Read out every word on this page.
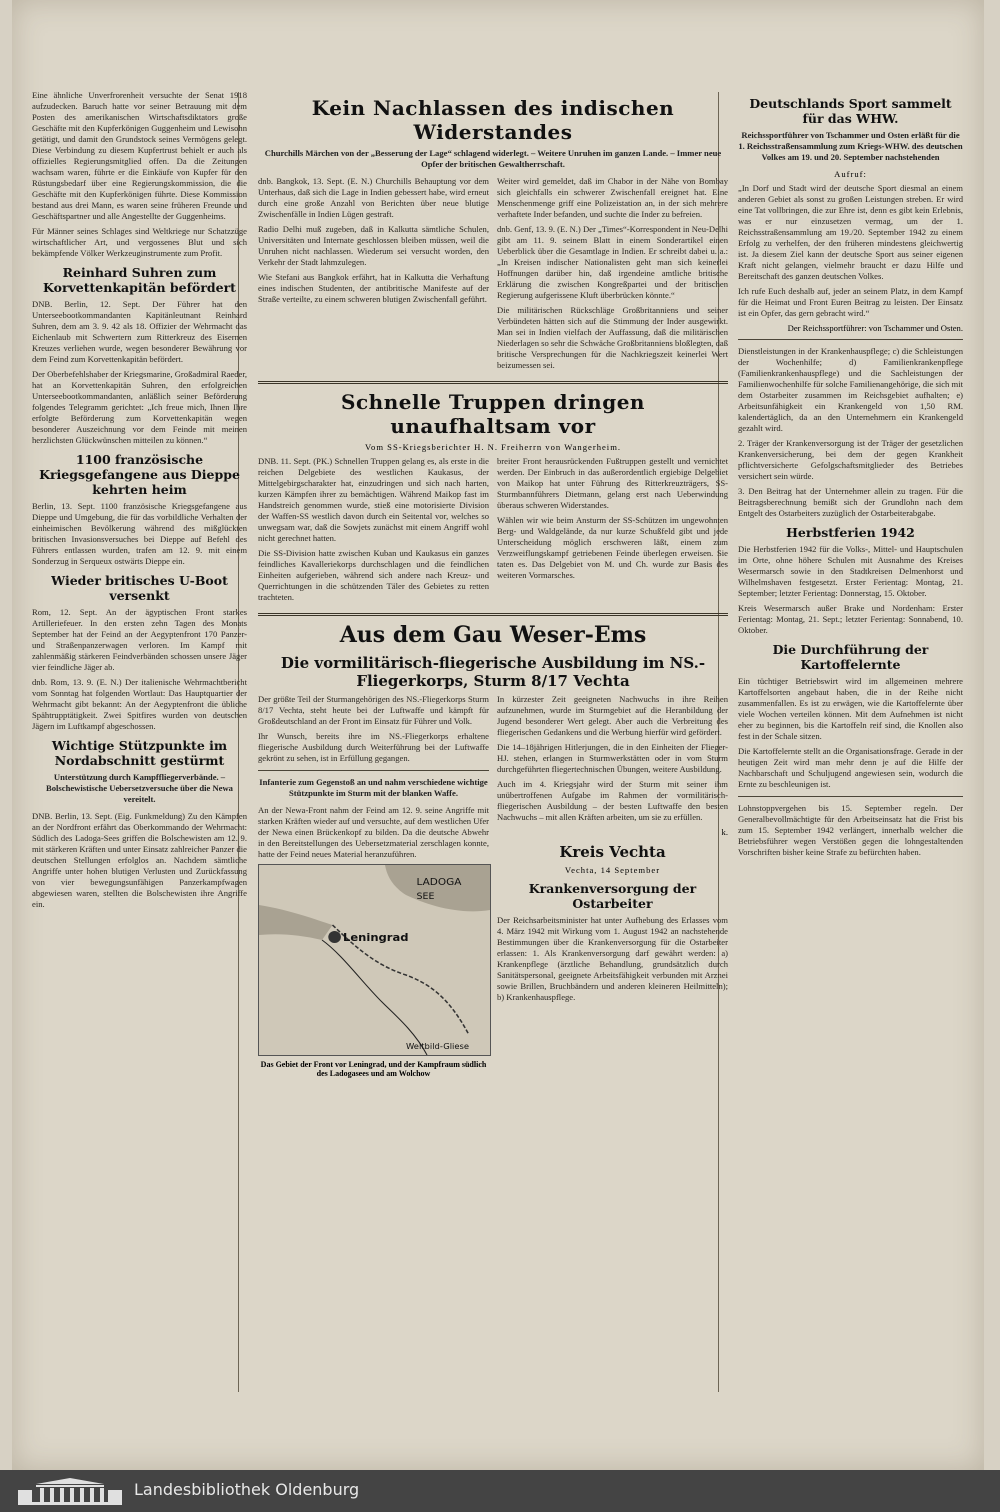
Eine ähnliche Unverfrorenheit versuchte der Senat 1918 aufzudecken. Baruch hatte vor seiner Betrauung mit dem Posten des amerikanischen Wirtschaftsdiktators große Geschäfte mit den Kupferkönigen Guggenheim und Lewisohn getätigt, und damit den Grundstock seines Vermögens gelegt. Diese Verbindung zu diesem Kupfertrust behielt er auch als offizielles Regierungsmitglied offen. Da die Zeitungen wachsam waren, führte er die Einkäufe von Kupfer für den Rüstungsbedarf über eine Regierungskommission, die die Geschäfte mit den Kupferkönigen führte. Diese Kommission bestand aus drei Mann, es waren seine früheren Freunde und Geschäftspartner und alle Angestellte der Guggenheims.

Für Männer seines Schlages sind Weltkriege nur Schatzzüge wirtschaftlicher Art, und vergossenes Blut und sich bekämpfende Völker Werkzeuginstrumente zum Profit.

Reinhard Suhren zum Korvettenkapitän befördert

DNB. Berlin, 12. Sept. Der Führer hat den Unterseebootkommandanten Kapitänleutnant Reinhard Suhren, dem am 3. 9. 42 als 18. Offizier der Wehrmacht das Eichenlaub mit Schwertern zum Ritterkreuz des Eisernen Kreuzes verliehen wurde, wegen besonderer Bewährung vor dem Feind zum Korvettenkapitän befördert.

Der Oberbefehlshaber der Kriegsmarine, Großadmiral Raeder, hat an Korvettenkapitän Suhren, den erfolgreichen Unterseebootkommandanten, anläßlich seiner Beförderung folgendes Telegramm gerichtet: „Ich freue mich, Ihnen Ihre erfolgte Beförderung zum Korvettenkapitän wegen besonderer Auszeichnung vor dem Feinde mit meinen herzlichsten Glückwünschen mitteilen zu können.“

1100 französische Kriegsgefangene aus Dieppe kehrten heim

Berlin, 13. Sept. 1100 französische Kriegsgefangene aus Dieppe und Umgebung, die für das vorbildliche Verhalten der einheimischen Bevölkerung während des mißglückten britischen Invasionsversuches bei Dieppe auf Befehl des Führers entlassen wurden, trafen am 12. 9. mit einem Sonderzug in Serqueux ostwärts Dieppe ein.

Wieder britisches U-Boot versenkt

Rom, 12. Sept. An der ägyptischen Front starkes Artilleriefeuer. In den ersten zehn Tagen des Monats September hat der Feind an der Aegyptenfront 170 Panzer- und Straßenpanzerwagen verloren. Im Kampf mit zahlenmäßig stärkeren Feindverbänden schossen unsere Jäger vier feindliche Jäger ab.

dnb. Rom, 13. 9. (E. N.) Der italienische Wehrmachtbericht vom Sonntag hat folgenden Wortlaut: Das Hauptquartier der Wehrmacht gibt bekannt: An der Aegyptenfront die übliche Spähtrupptätigkeit. Zwei Spitfires wurden von deutschen Jägern im Luftkampf abgeschossen.

Wichtige Stützpunkte im Nordabschnitt gestürmt
Unterstützung durch Kampffliegerverbände. – Bolschewistische Uebersetzversuche über die Newa vereitelt.

DNB. Berlin, 13. Sept. (Eig. Funkmeldung) Zu den Kämpfen an der Nordfront erfährt das Oberkommando der Wehrmacht: Südlich des Ladoga-Sees griffen die Bolschewisten am 12. 9. mit stärkeren Kräften und unter Einsatz zahlreicher Panzer die deutschen Stellungen erfolglos an. Nachdem sämtliche Angriffe unter hohen blutigen Verlusten und Zurückfassung von vier bewegungsunfähigen Panzerkampfwagen abgewiesen waren, stellten die Bolschewisten ihre Angriffe ein.

Kein Nachlassen des indischen Widerstandes
Churchills Märchen von der „Besserung der Lage“ schlagend widerlegt. – Weitere Unruhen im ganzen Lande. – Immer neue Opfer der britischen Gewaltherrschaft.

dnb. Bangkok, 13. Sept. (E. N.) Churchills Behauptung vor dem Unterhaus, daß sich die Lage in Indien gebessert habe, wird erneut durch eine große Anzahl von Berichten über neue blutige Zwischenfälle in Indien Lügen gestraft.

Radio Delhi muß zugeben, daß in Kalkutta sämtliche Schulen, Universitäten und Internate geschlossen bleiben müssen, weil die Unruhen nicht nachlassen. Wiederum sei versucht worden, den Verkehr der Stadt lahmzulegen.

Wie Stefani aus Bangkok erfährt, hat in Kalkutta die Verhaftung eines indischen Studenten, der antibritische Manifeste auf der Straße verteilte, zu einem schweren blutigen Zwischenfall geführt.

Weiter wird gemeldet, daß im Chabor in der Nähe von Bombay sich gleichfalls ein schwerer Zwischenfall ereignet hat. Eine Menschenmenge griff eine Polizeistation an, in der sich mehrere verhaftete Inder befanden, und suchte die Inder zu befreien.

dnb. Genf, 13. 9. (E. N.) Der „Times“-Korrespondent in Neu-Delhi gibt am 11. 9. seinem Blatt in einem Sonderartikel einen Ueberblick über die Gesamtlage in Indien. Er schreibt dabei u. a.: „In Kreisen indischer Nationalisten geht man sich keinerlei Hoffnungen darüber hin, daß irgendeine amtliche britische Erklärung die zwischen Kongreßpartei und der britischen Regierung aufgerissene Kluft überbrücken könnte.“

Die militärischen Rückschläge Großbritanniens und seiner Verbündeten hätten sich auf die Stimmung der Inder ausgewirkt. Man sei in Indien vielfach der Auffassung, daß die militärischen Niederlagen so sehr die Schwäche Großbritanniens bloßlegten, daß britische Versprechungen für die Nachkriegszeit keinerlei Wert beizumessen sei.

Schnelle Truppen dringen unaufhaltsam vor
Vom SS-Kriegsberichter H. N. Freiherrn von Wangerheim.

DNB. 11. Sept. (PK.) Schnellen Truppen gelang es, als erste in die reichen Delgebiete des westlichen Kaukasus, der Mittelgebirgscharakter hat, einzudringen und sich nach harten, kurzen Kämpfen ihrer zu bemächtigen. Während Maikop fast im Handstreich genommen wurde, stieß eine motorisierte Division der Waffen-SS westlich davon durch ein Seitental vor, welches so unwegsam war, daß die Sowjets zunächst mit einem Angriff wohl nicht gerechnet hatten.

Die SS-Division hatte zwischen Kuban und Kaukasus ein ganzes feindliches Kavalleriekorps durchschlagen und die feindlichen Einheiten aufgerieben, während sich andere nach Kreuz- und Querrichtungen in die schützenden Täler des Gebietes zu retten trachteten.

breiter Front herausrückenden Fußtruppen gestellt und vernichtet werden. Der Einbruch in das außerordentlich ergiebige Delgebiet von Maikop hat unter Führung des Ritterkreuzträgers, SS-Sturmbannführers Dietmann, gelang erst nach Ueberwindung überaus schweren Widerstandes.

Wählen wir wie beim Ansturm der SS-Schützen im ungewohnten Berg- und Waldgelände, da nur kurze Schußfeld gibt und jede Unterscheidung möglich erschweren läßt, einem zum Verzweiflungskampf getriebenen Feinde überlegen erweisen. Sie taten es. Das Delgebiet von M. und Ch. wurde zur Basis des weiteren Vormarsches.

Aus dem Gau Weser-Ems
Die vormilitärisch-fliegerische Ausbildung im NS.-Fliegerkorps, Sturm 8/17 Vechta

Der größte Teil der Sturmangehörigen des NS.-Fliegerkorps Sturm 8/17 Vechta, steht heute bei der Luftwaffe und kämpft für Großdeutschland an der Front im Einsatz für Führer und Volk.

Ihr Wunsch, bereits ihre im NS.-Fliegerkorps erhaltene fliegerische Ausbildung durch Weiterführung bei der Luftwaffe gekrönt zu sehen, ist in Erfüllung gegangen.

Infanterie zum Gegenstoß an und nahm verschiedene wichtige Stützpunkte im Sturm mit der blanken Waffe.

An der Newa-Front nahm der Feind am 12. 9. seine Angriffe mit starken Kräften wieder auf und versuchte, auf dem westlichen Ufer der Newa einen Brückenkopf zu bilden. Da die deutsche Abwehr in den Bereitstellungen des Uebersetzmaterial zerschlagen konnte, hatte der Feind neues Material heranzuführen.

LADOGA
SEE
Leningrad
Weltbild-Gliese
Das Gebiet der Front vor Leningrad, und der Kampfraum südlich des Ladogasees und am Wolchow

In kürzester Zeit geeigneten Nachwuchs in ihre Reihen aufzunehmen, wurde im Sturmgebiet auf die Heranbildung der Jugend besonderer Wert gelegt. Aber auch die Verbreitung des fliegerischen Gedankens und die Werbung hierfür wird gefördert.

Die 14–18jährigen Hitlerjungen, die in den Einheiten der Flieger-HJ. stehen, erlangen in Sturmwerkstätten oder in vom Sturm durchgeführten fliegertechnischen Übungen, weitere Ausbildung.

Auch im 4. Kriegsjahr wird der Sturm mit seiner ihm unübertroffenen Aufgabe im Rahmen der vormilitärisch-fliegerischen Ausbildung – der besten Luftwaffe den besten Nachwuchs – mit allen Kräften arbeiten, um sie zu erfüllen.

k.
Kreis Vechta
Vechta, 14 September
Krankenversorgung der Ostarbeiter

Der Reichsarbeitsminister hat unter Aufhebung des Erlasses vom 4. März 1942 mit Wirkung vom 1. August 1942 an nachstehende Bestimmungen über die Krankenversorgung für die Ostarbeiter erlassen: 1. Als Krankenversorgung darf gewährt werden: a) Krankenpflege (ärztliche Behandlung, grundsätzlich durch Sanitätspersonal, geeignete Arbeitsfähigkeit verbunden mit Arznei sowie Brillen, Bruchbändern und anderen kleineren Heilmitteln); b) Krankenhauspflege.

Deutschlands Sport sammelt für das WHW.
Reichssportführer von Tschammer und Osten erläßt für die 1. Reichsstraßensammlung zum Kriegs-WHW. des deutschen Volkes am 19. und 20. September nachstehenden
Aufruf:

„In Dorf und Stadt wird der deutsche Sport diesmal an einem anderen Gebiet als sonst zu großen Leistungen streben. Er wird eine Tat vollbringen, die zur Ehre ist, denn es gibt kein Erlebnis, was er nur einzusetzen vermag, um der 1. Reichsstraßensammlung am 19./20. September 1942 zu einem Erfolg zu verhelfen, der den früheren mindestens gleichwertig ist. Ja diesem Ziel kann der deutsche Sport aus seiner eigenen Kraft nicht gelangen, vielmehr braucht er dazu Hilfe und Bereitschaft des ganzen deutschen Volkes.

Ich rufe Euch deshalb auf, jeder an seinem Platz, in dem Kampf für die Heimat und Front Euren Beitrag zu leisten. Der Einsatz ist ein Opfer, das gern gebracht wird.“

Der Reichssportführer: von Tschammer und Osten.

Dienstleistungen in der Krankenhauspflege; c) die Schleistungen der Wochenhilfe; d) Familienkrankenpflege (Familienkrankenhauspflege) und die Sachleistungen der Familienwochenhilfe für solche Familienangehörige, die sich mit dem Ostarbeiter zusammen im Reichsgebiet aufhalten; e) Arbeitsunfähigkeit ein Krankengeld von 1,50 RM. kalendertäglich, da an den Unternehmern ein Krankengeld gezahlt wird.

2. Träger der Krankenversorgung ist der Träger der gesetzlichen Krankenversicherung, bei dem der gegen Krankheit pflichtversicherte Gefolgschaftsmitglieder des Betriebes versichert sein würde.

3. Den Beitrag hat der Unternehmer allein zu tragen. Für die Beitragsberechnung bemißt sich der Grundlohn nach dem Entgelt des Ostarbeiters zuzüglich der Ostarbeiterabgabe.

Herbstferien 1942

Die Herbstferien 1942 für die Volks-, Mittel- und Hauptschulen im Orte, ohne höhere Schulen mit Ausnahme des Kreises Wesermarsch sowie in den Stadtkreisen Delmenhorst und Wilhelmshaven festgesetzt. Erster Ferientag: Montag, 21. September; letzter Ferientag: Donnerstag, 15. Oktober.

Kreis Wesermarsch außer Brake und Nordenham: Erster Ferientag: Montag, 21. Sept.; letzter Ferientag: Sonnabend, 10. Oktober.

Die Durchführung der Kartoffelernte

Ein tüchtiger Betriebswirt wird im allgemeinen mehrere Kartoffelsorten angebaut haben, die in der Reihe nicht zusammenfallen. Es ist zu erwägen, wie die Kartoffelernte über viele Wochen verteilen können. Mit dem Aufnehmen ist nicht eher zu beginnen, bis die Kartoffeln reif sind, die Knollen also fest in der Schale sitzen.

Die Kartoffelernte stellt an die Organisationsfrage. Gerade in der heutigen Zeit wird man mehr denn je auf die Hilfe der Nachbarschaft und Schuljugend angewiesen sein, wodurch die Ernte zu beschleunigen ist.

Lohnstoppvergehen bis 15. September regeln. Der Generalbevollmächtigte für den Arbeitseinsatz hat die Frist bis zum 15. September 1942 verlängert, innerhalb welcher die Betriebsführer wegen Verstößen gegen die lohngestaltenden Vorschriften bisher keine Strafe zu befürchten haben.

Landesbibliothek Oldenburg
